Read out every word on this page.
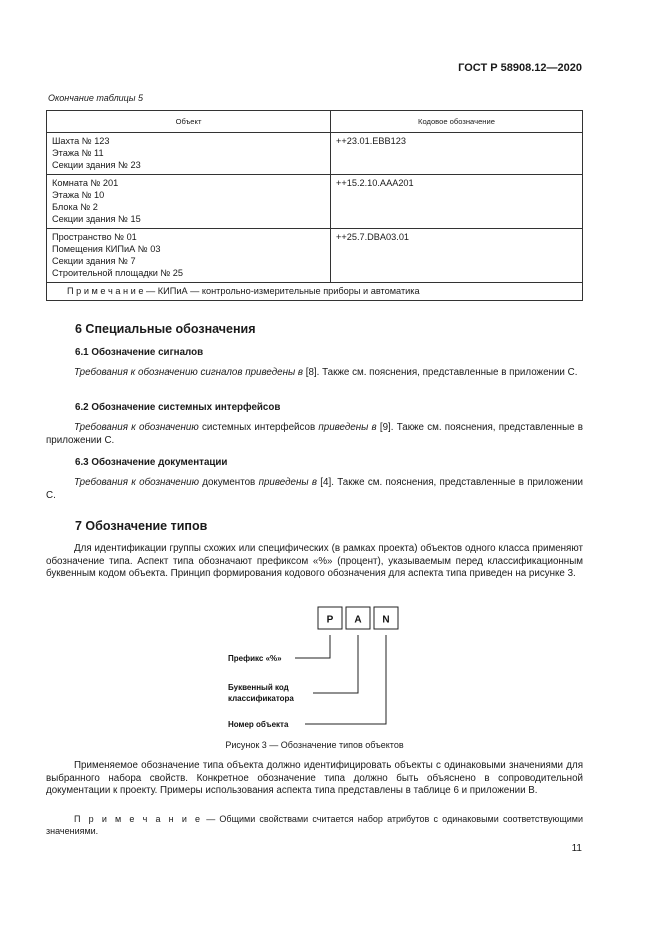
ГОСТ Р 58908.12—2020
Окончание таблицы 5
Объект	Кодовое обозначение

Шахта № 123
Этажа № 11
Секции здания № 23	++23.01.EBB123

Комната № 201
Этажа № 10
Блока № 2
Секции здания № 15	++15.2.10.AAA201

Пространство № 01
Помещения КИПиА № 03
Секции здания № 7
Строительной площадки № 25	++25.7.DBA03.01

П р и м е ч а н и е — КИПиА — контрольно-измерительные приборы и автоматика	
6 Специальные обозначения
6.1 Обозначение сигналов
Требования к обозначению сигналов приведены в [8]. Также см. пояснения, представленные в приложении С.
6.2 Обозначение системных интерфейсов
Требования к обозначению системных интерфейсов приведены в [9]. Также см. пояснения, представленные в приложении С.
6.3 Обозначение документации
Требования к обозначению документов приведены в [4]. Также см. пояснения, представленные в приложении С.
7 Обозначение типов
Для идентификации группы схожих или специфических (в рамках проекта) объектов одного класса применяют обозначение типа. Аспект типа обозначают префиксом «%» (процент), указываемым перед классификационным буквенным кодом объекта. Принцип формирования кодового обозначения для аспекта типа приведен на рисунке 3.
P A N
Префикс «%»
Буквенный код
классификатора
Номер объекта
Рисунок 3 — Обозначение типов объектов
Применяемое обозначение типа объекта должно идентифицировать объекты с одинаковыми значениями для выбранного набора свойств. Конкретное обозначение типа должно быть объяснено в сопроводительной документации к проекту. Примеры использования аспекта типа представлены в таблице 6 и приложении В.
П р и м е ч а н и е — Общими свойствами считается набор атрибутов с одинаковыми соответствующими значениями.
11
